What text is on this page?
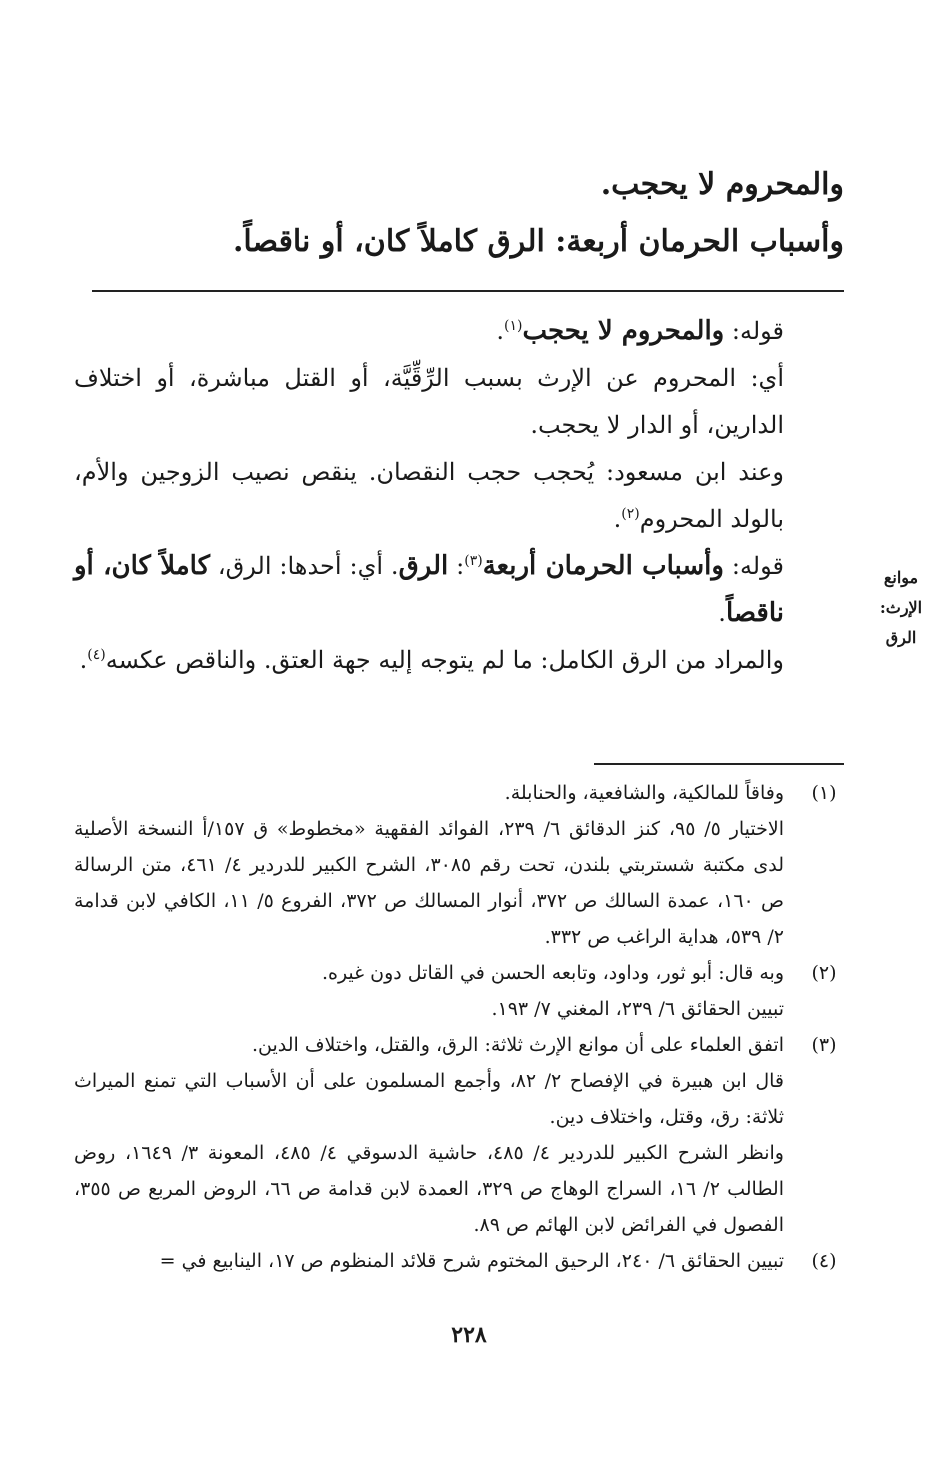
والمحروم لا يحجب.
وأسباب الحرمان أربعة: الرق كاملاً كان، أو ناقصاً.

قوله: والمحروم لا يحجب$^{(١)}$.

أي: المحروم عن الإرث بسبب الرِّقِّيَّة، أو القتل مباشرة، أو اختلاف الدارين، أو الدار لا يحجب.

وعند ابن مسعود: يُحجب حجب النقصان. ينقص نصيب الزوجين والأم، بالولد المحروم$^{(٢)}$.

قوله: وأسباب الحرمان أربعة$^{(٣)}$: الرق. أي: أحدها: الرق، كاملاً كان، أو ناقصاً.

والمراد من الرق الكامل: ما لم يتوجه إليه جهة العتق. والناقص عكسه$^{(٤)}$.

موانع
الإرث:
الرق
(١)

وفاقاً للمالكية، والشافعية، والحنابلة.

الاختيار ٥/ ٩٥، كنز الدقائق ٦/ ٢٣٩، الفوائد الفقهية «مخطوط» ق ١٥٧/أ النسخة الأصلية لدى مكتبة شستربتي بلندن، تحت رقم ٣٠٨٥، الشرح الكبير للدردير ٤/ ٤٦١، متن الرسالة ص ١٦٠، عمدة السالك ص ٣٧٢، أنوار المسالك ص ٣٧٢، الفروع ٥/ ١١، الكافي لابن قدامة ٢/ ٥٣٩، هداية الراغب ص ٣٣٢.

(٢)

وبه قال: أبو ثور، وداود، وتابعه الحسن في القاتل دون غيره.

تبيين الحقائق ٦/ ٢٣٩، المغني ٧/ ١٩٣.

(٣)

اتفق العلماء على أن موانع الإرث ثلاثة: الرق، والقتل، واختلاف الدين.

قال ابن هبيرة في الإفصاح ٢/ ٨٢، وأجمع المسلمون على أن الأسباب التي تمنع الميراث ثلاثة: رق، وقتل، واختلاف دين.

وانظر الشرح الكبير للدردير ٤/ ٤٨٥، حاشية الدسوقي ٤/ ٤٨٥، المعونة ٣/ ١٦٤٩، روض الطالب ٢/ ١٦، السراج الوهاج ص ٣٢٩، العمدة لابن قدامة ص ٦٦، الروض المربع ص ٣٥٥، الفصول في الفرائض لابن الهائم ص ٨٩.

(٤)

تبيين الحقائق ٦/ ٢٤٠، الرحيق المختوم شرح قلائد المنظوم ص ١٧، الينابيع في =

٢٢٨
